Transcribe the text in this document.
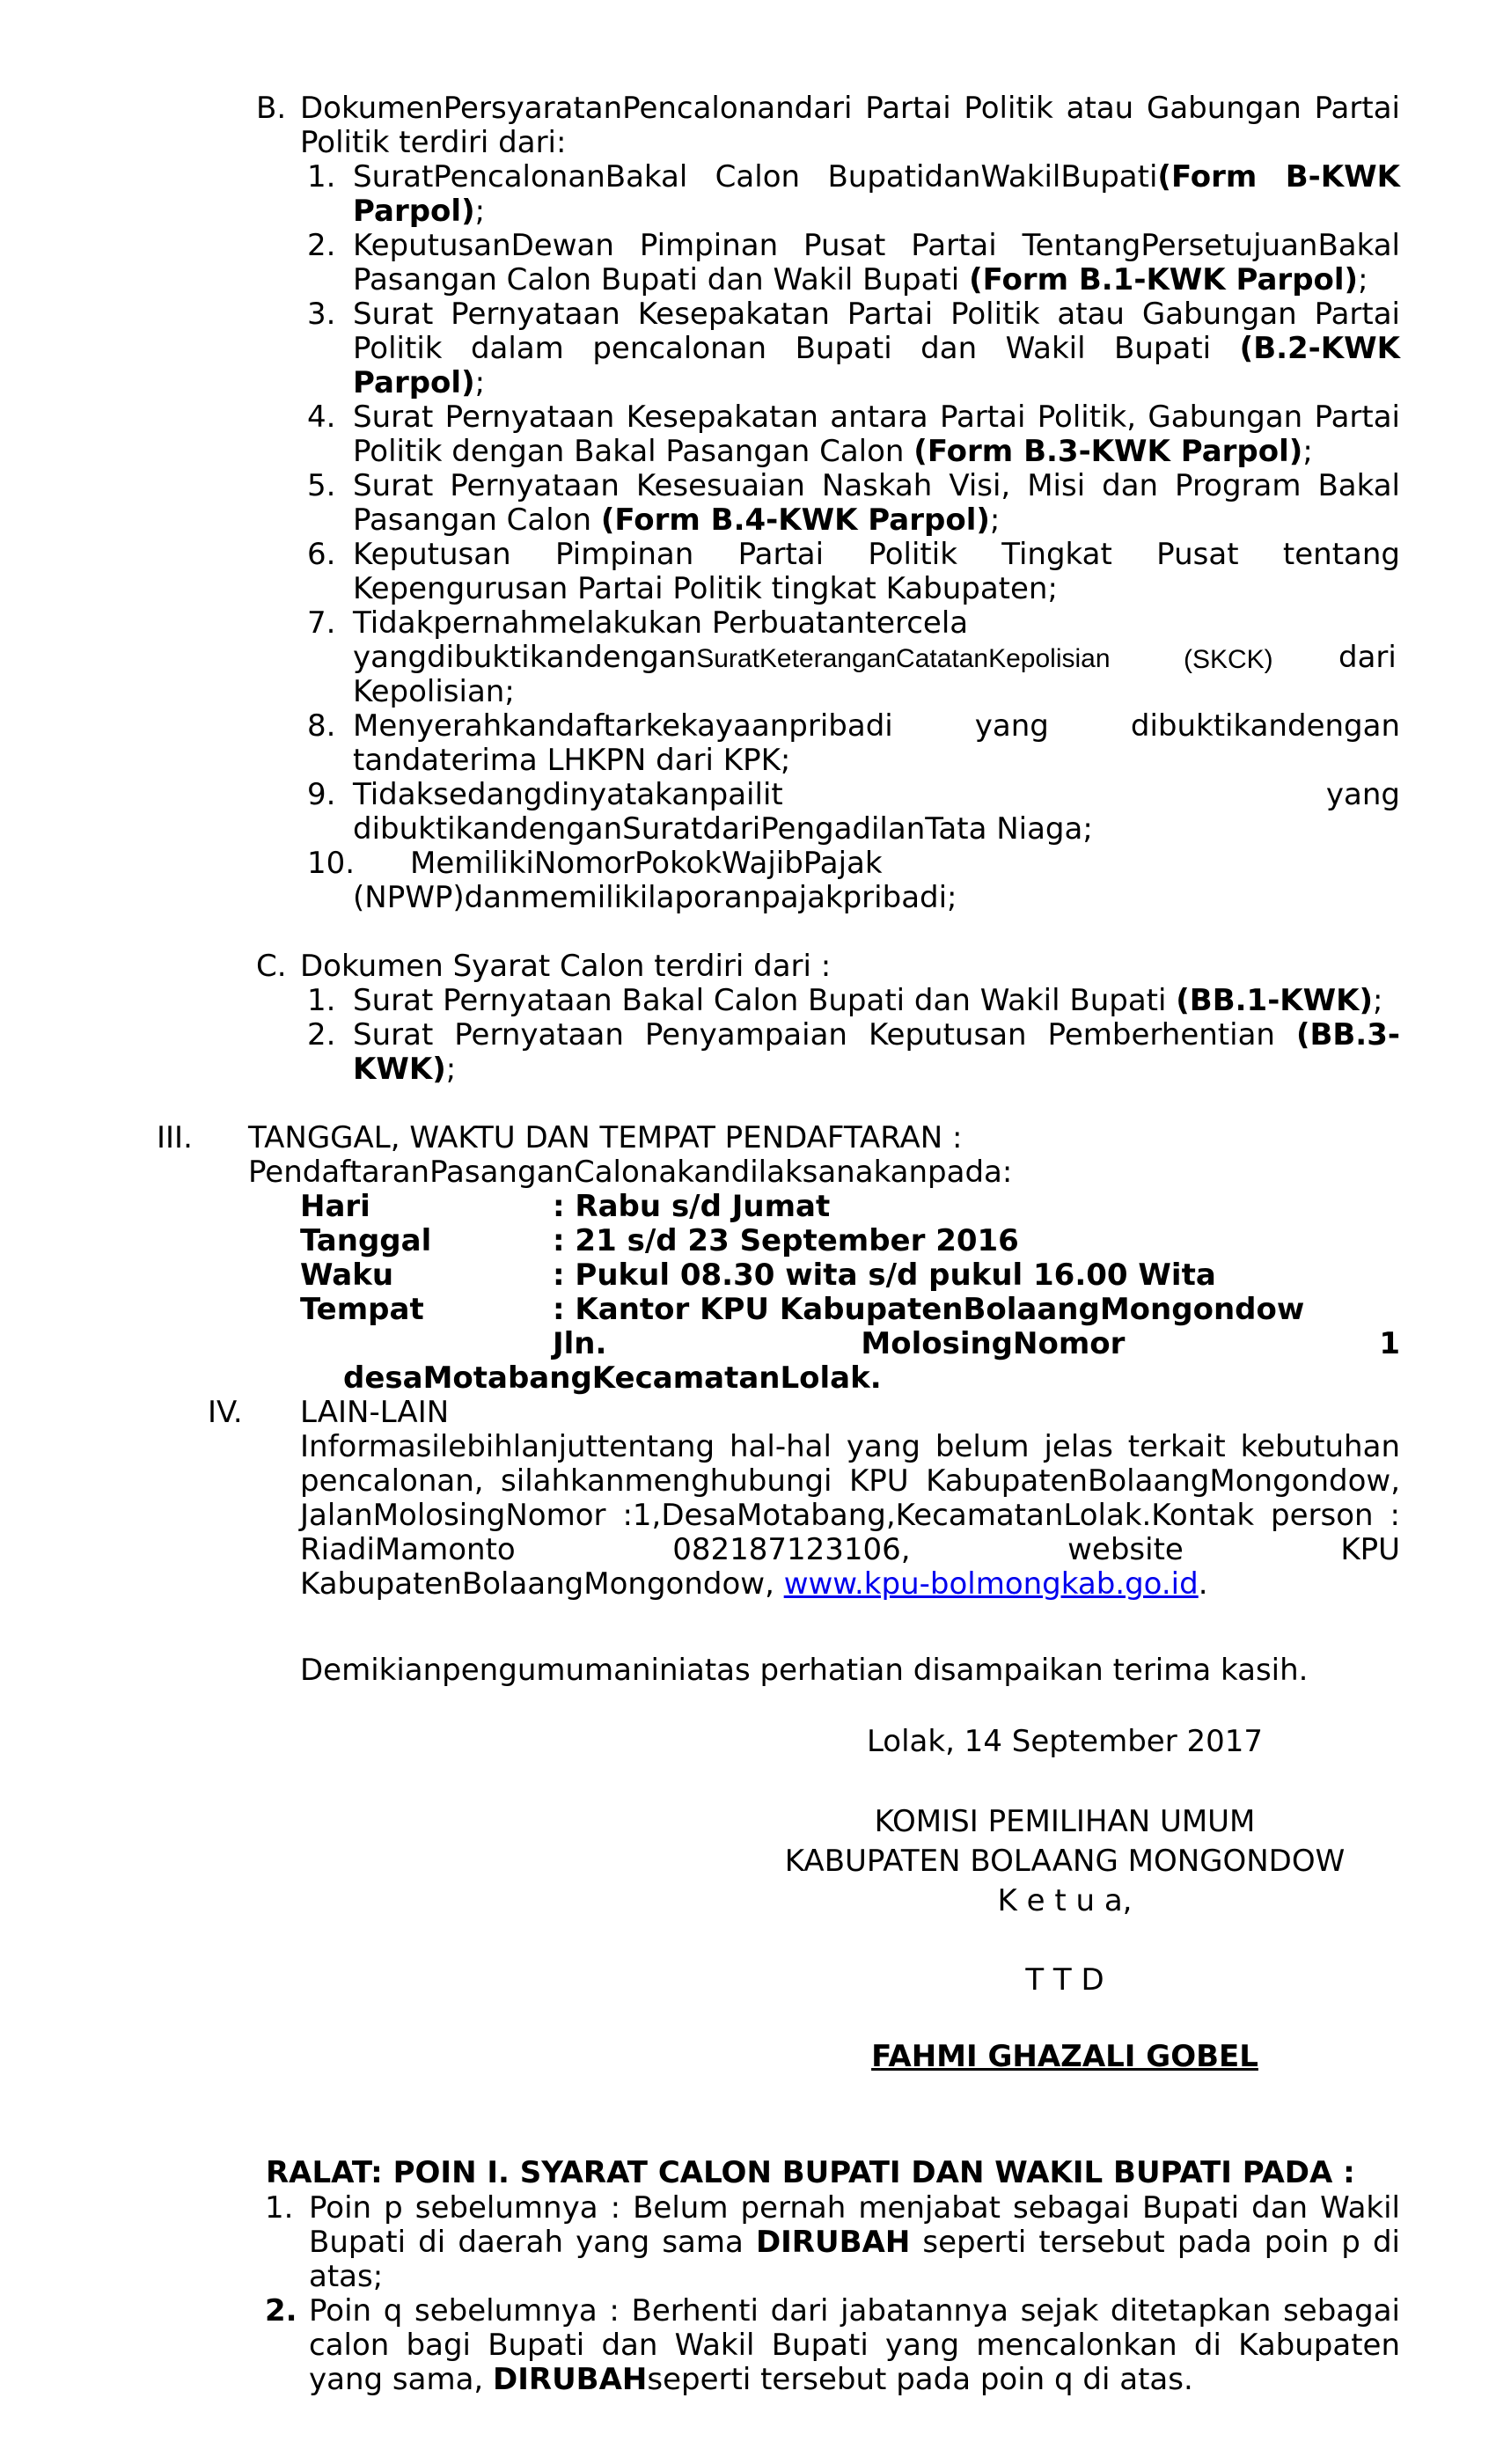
B. DokumenPersyaratanPencalonandari Partai Politik atau Gabungan Partai
Politik terdiri dari:
1. SuratPencalonanBakal Calon BupatidanWakilBupati(Form B-KWK
Parpol);
2. KeputusanDewan Pimpinan Pusat Partai TentangPersetujuanBakal
Pasangan Calon Bupati dan Wakil Bupati (Form B.1-KWK Parpol);
3. Surat Pernyataan Kesepakatan Partai Politik atau Gabungan Partai
Politik dalam pencalonan Bupati dan Wakil Bupati (B.2-KWK
Parpol);
4. Surat Pernyataan Kesepakatan antara Partai Politik, Gabungan Partai
Politik dengan Bakal Pasangan Calon (Form B.3-KWK Parpol);
5. Surat Pernyataan Kesesuaian Naskah Visi, Misi dan Program Bakal
Pasangan Calon (Form B.4-KWK Parpol);
6. Keputusan Pimpinan Partai Politik Tingkat Pusat tentang
Kepengurusan Partai Politik tingkat Kabupaten;
7. Tidakpernahmelakukan Perbuatantercela
yangdibuktikandenganSuratKeteranganCatatanKepolisian	(SKCK) dari
Kepolisian;
8. Menyerahkandaftarkekayaanpribadi yang dibuktikandengan
tandaterima LHKPN dari KPK;
9. Tidaksedangdinyatakanpailit yang
dibuktikandenganSuratdariPengadilanTata Niaga;
10. MemilikiNomorPokokWajibPajak
(NPWP)danmemilikilaporanpajakpribadi;
C. Dokumen Syarat Calon terdiri dari :
1. Surat Pernyataan Bakal Calon Bupati dan Wakil Bupati (BB.1-KWK);
2. Surat Pernyataan Penyampaian Keputusan Pemberhentian (BB.3-
KWK);
III. TANGGAL, WAKTU DAN TEMPAT PENDAFTARAN :
PendaftaranPasanganCalonakandilaksanakanpada:
Hari	: Rabu s/d Jumat
Tanggal	: 21 s/d 23 September 2016
Waku	: Pukul 08.30 wita s/d pukul 16.00 Wita
Tempat	: Kantor KPU KabupatenBolaangMongondow
Jln. MolosingNomor 1
desaMotabangKecamatanLolak.
IV. LAIN-LAIN
Informasilebihlanjuttentang hal-hal yang belum jelas terkait kebutuhan
pencalonan, silahkanmenghubungi KPU KabupatenBolaangMongondow,
JalanMolosingNomor :1,DesaMotabang,KecamatanLolak.Kontak person :
RiadiMamonto 082187123106, website KPU
KabupatenBolaangMongondow, www.kpu-bolmongkab.go.id.
Demikianpengumumaniniatas perhatian disampaikan terima kasih.
Lolak, 14 September 2017
KOMISI PEMILIHAN UMUM
KABUPATEN BOLAANG MONGONDOW
K e t u a,
T T D
FAHMI GHAZALI GOBEL
RALAT: POIN I. SYARAT CALON BUPATI DAN WAKIL BUPATI PADA :
1. Poin p sebelumnya : Belum pernah menjabat sebagai Bupati dan Wakil
Bupati di daerah yang sama DIRUBAH seperti tersebut pada poin p di
atas;
2. Poin q sebelumnya : Berhenti dari jabatannya sejak ditetapkan sebagai
calon bagi Bupati dan Wakil Bupati yang mencalonkan di Kabupaten
yang sama, DIRUBAHseperti tersebut pada poin q di atas.
